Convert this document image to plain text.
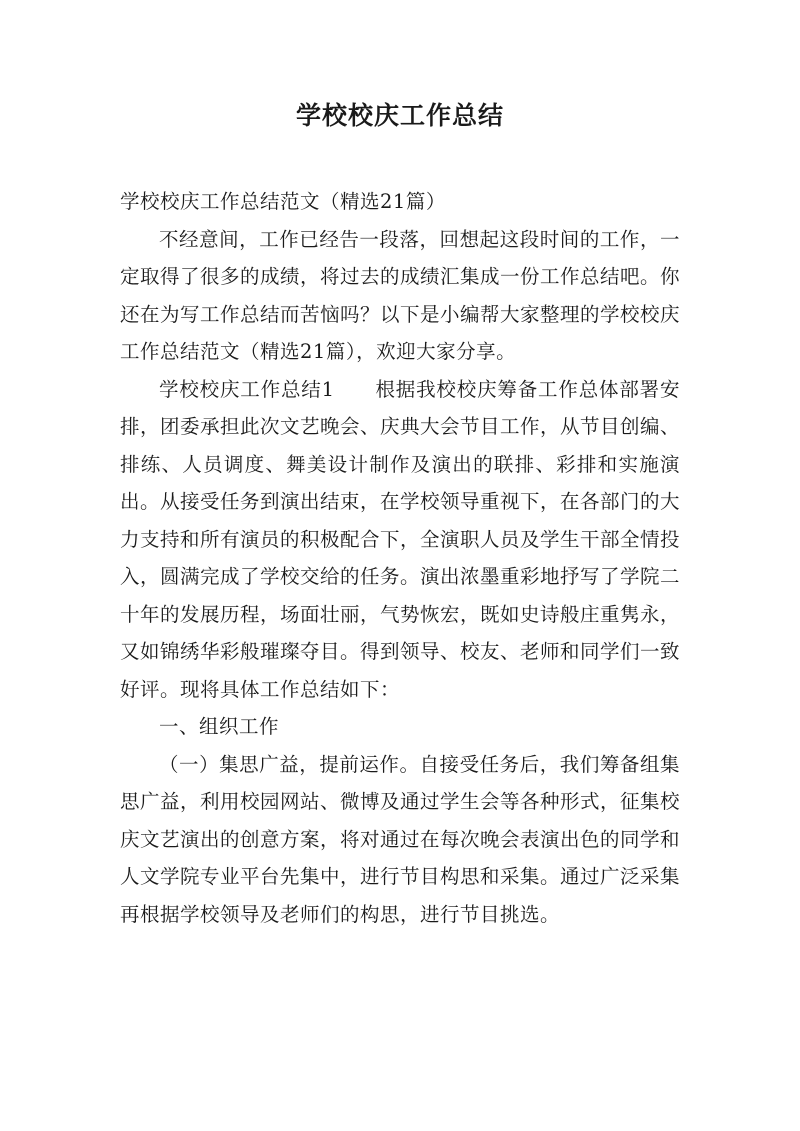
学校校庆工作总结

学校校庆工作总结范文（精选21篇）

不经意间，工作已经告一段落，回想起这段时间的工作，一定取得了很多的成绩，将过去的成绩汇集成一份工作总结吧。你还在为写工作总结而苦恼吗？以下是小编帮大家整理的学校校庆工作总结范文（精选21篇），欢迎大家分享。

学校校庆工作总结1　　根据我校校庆筹备工作总体部署安排，团委承担此次文艺晚会、庆典大会节目工作，从节目创编、排练、人员调度、舞美设计制作及演出的联排、彩排和实施演出。从接受任务到演出结束，在学校领导重视下，在各部门的大力支持和所有演员的积极配合下，全演职人员及学生干部全情投入，圆满完成了学校交给的任务。演出浓墨重彩地抒写了学院二十年的发展历程，场面壮丽，气势恢宏，既如史诗般庄重隽永，又如锦绣华彩般璀璨夺目。得到领导、校友、老师和同学们一致好评。现将具体工作总结如下：

一、组织工作

（一）集思广益，提前运作。自接受任务后，我们筹备组集思广益，利用校园网站、微博及通过学生会等各种形式，征集校庆文艺演出的创意方案，将对通过在每次晚会表演出色的同学和人文学院专业平台先集中，进行节目构思和采集。通过广泛采集再根据学校领导及老师们的构思，进行节目挑选。
